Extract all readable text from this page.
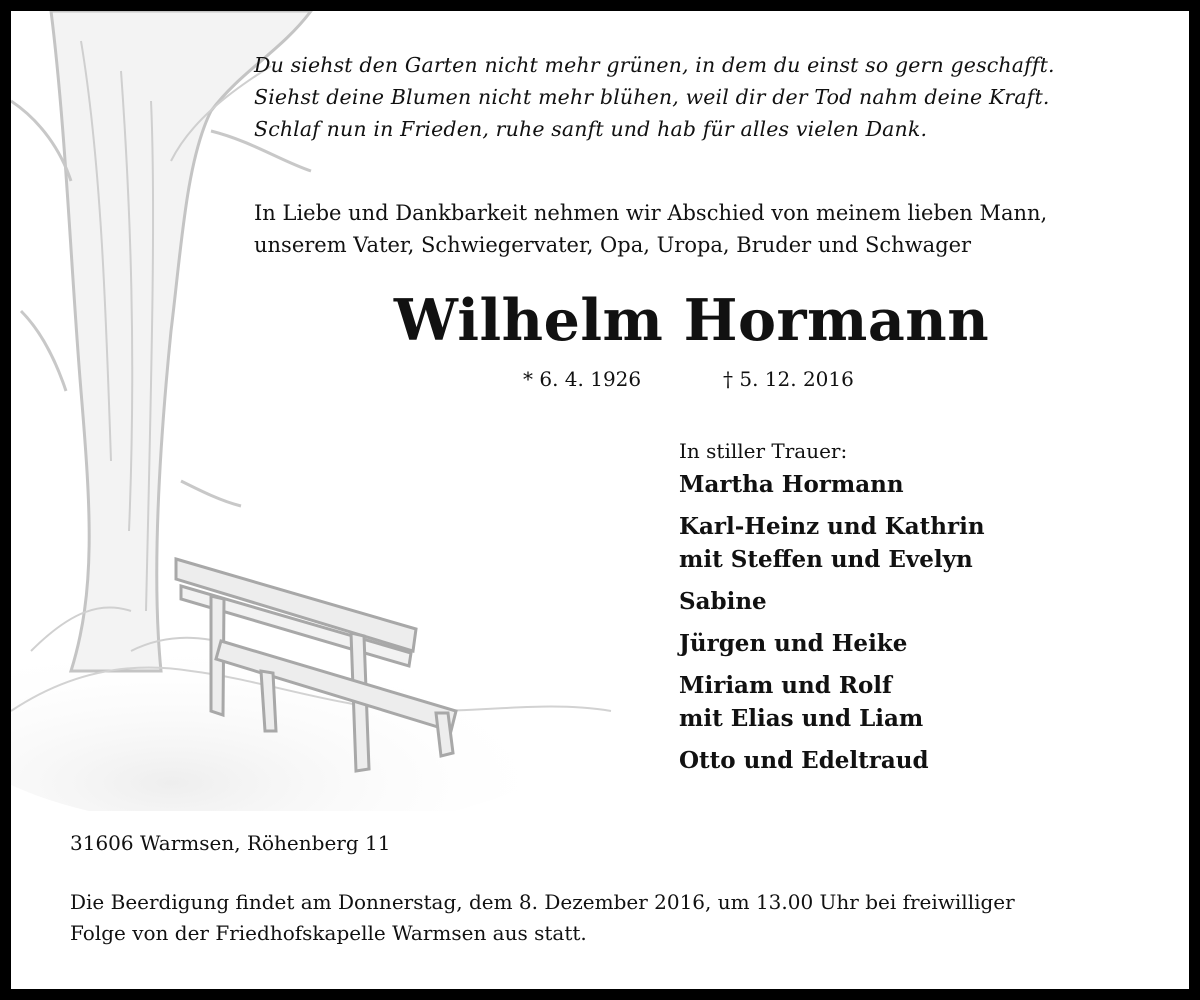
Du siehst den Garten nicht mehr grünen, in dem du einst so gern geschafft.
Siehst deine Blumen nicht mehr blühen, weil dir der Tod nahm deine Kraft.
Schlaf nun in Frieden, ruhe sanft und hab für alles vielen Dank.
In Liebe und Dankbarkeit nehmen wir Abschied von meinem lieben Mann,
unserem Vater, Schwiegervater, Opa, Uropa, Bruder und Schwager
Wilhelm Hormann
* 6. 4. 1926	† 5. 12. 2016
In stiller Trauer:
Martha Hormann
Karl-Heinz und Kathrin
mit Steffen und Evelyn
Sabine
Jürgen und Heike
Miriam und Rolf
mit Elias und Liam
Otto und Edeltraud
31606 Warmsen, Röhenberg 11
Die Beerdigung findet am Donnerstag, dem 8. Dezember 2016, um 13.00 Uhr bei freiwilliger
Folge von der Friedhofskapelle Warmsen aus statt.
